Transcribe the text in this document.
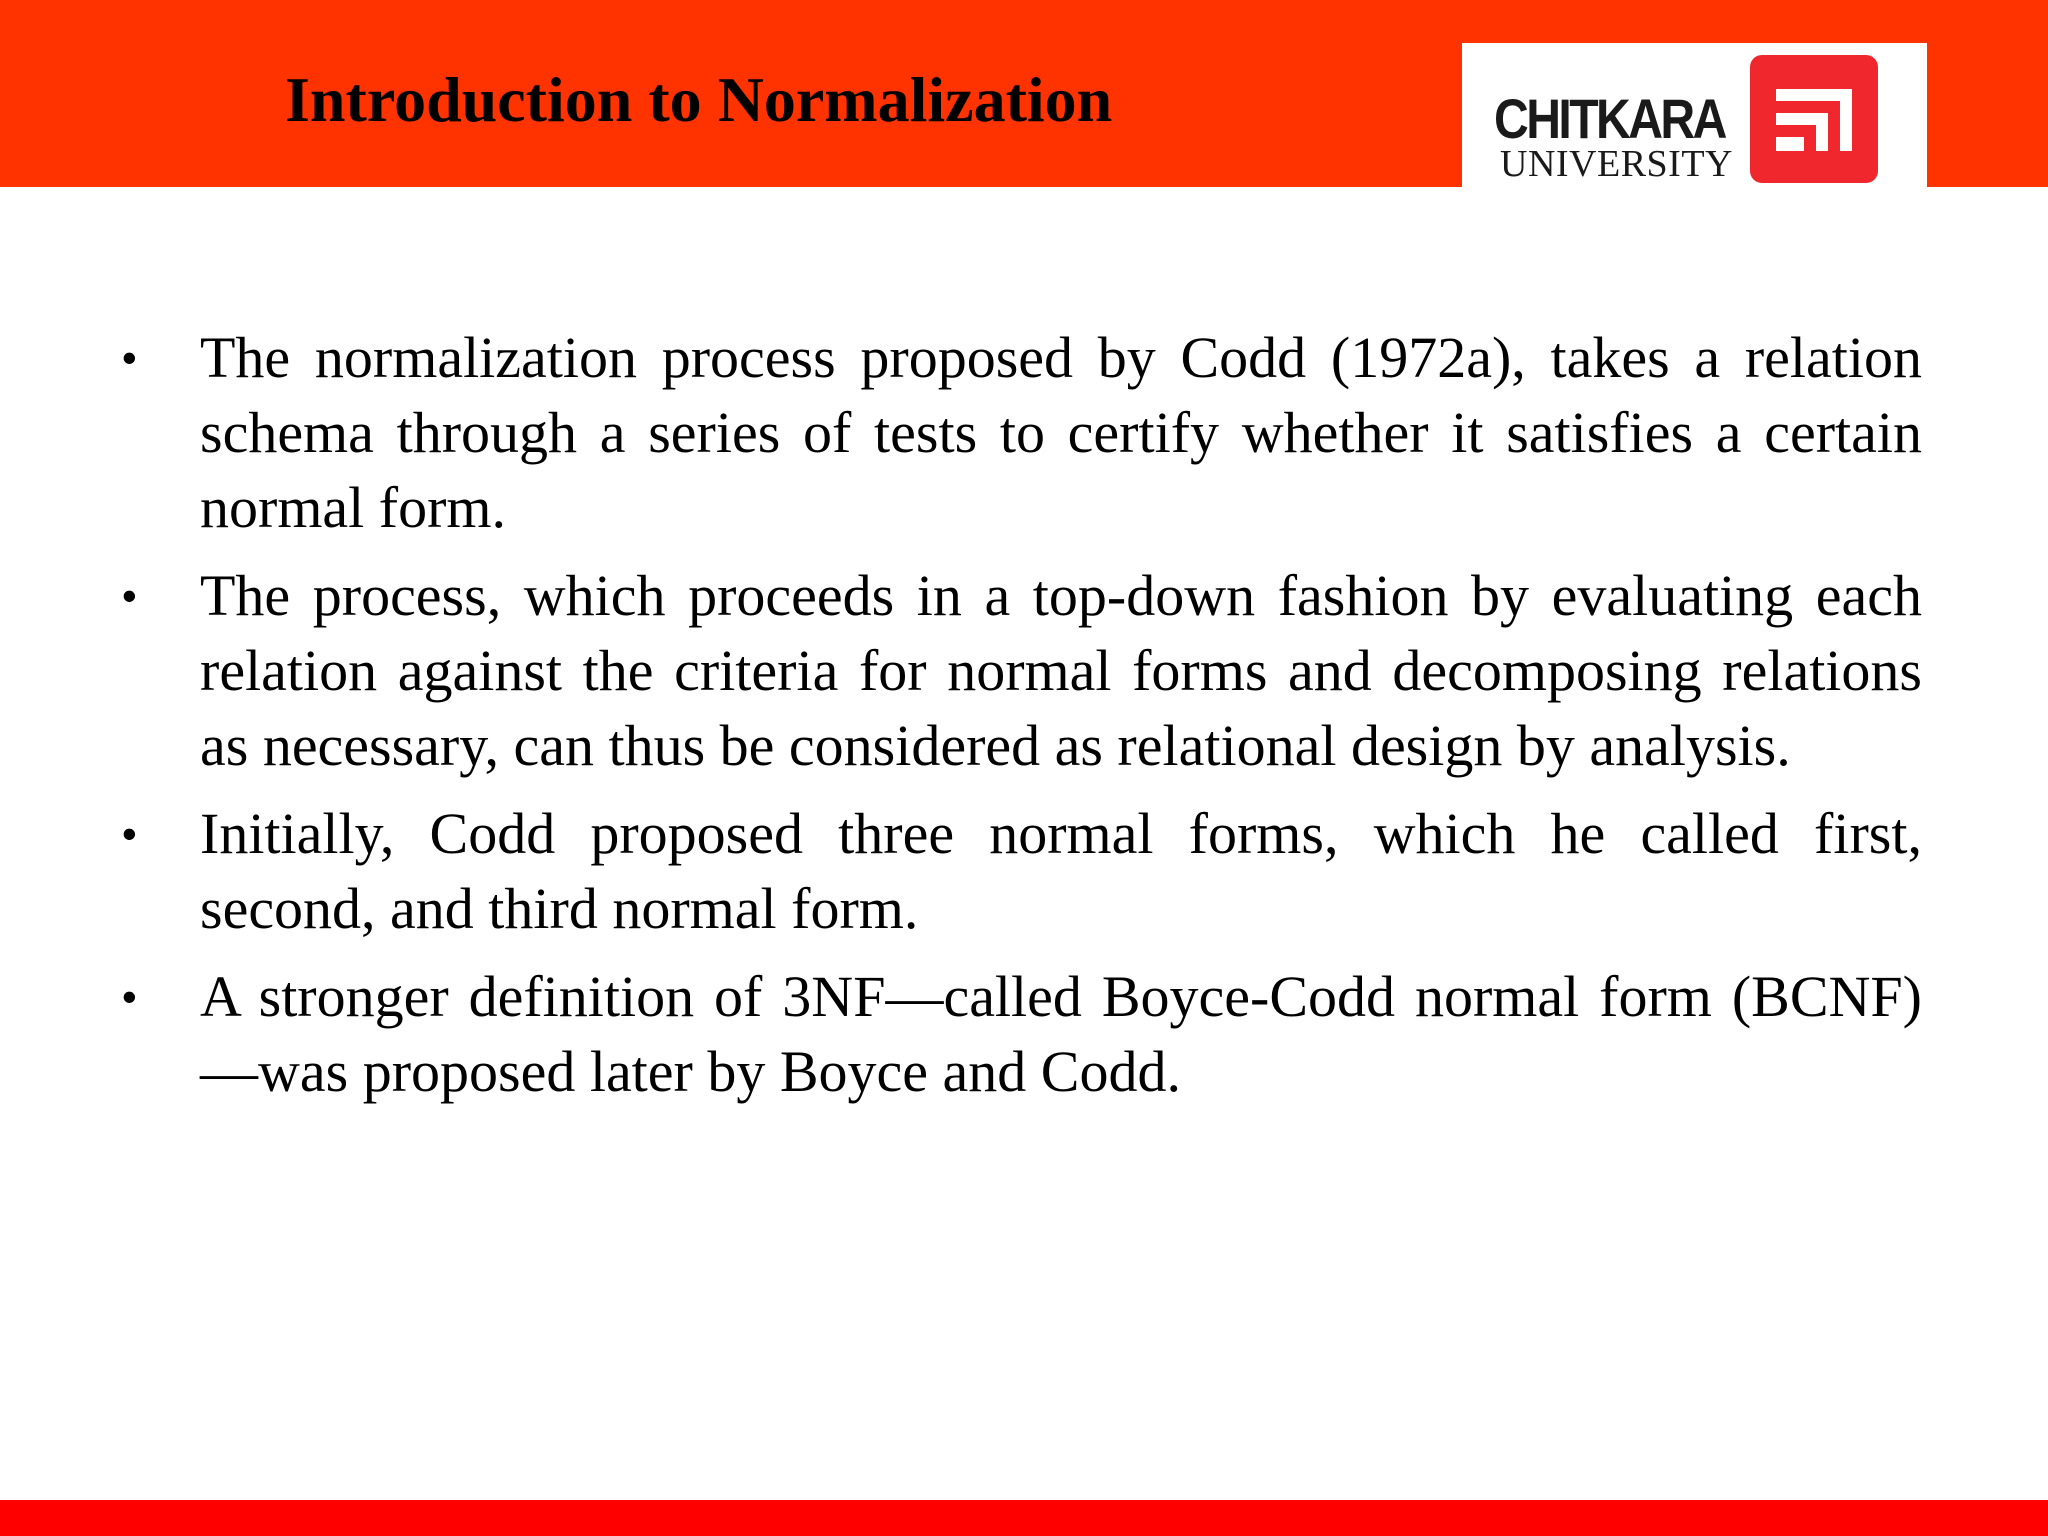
Introduction to Normalization	CHITKARA
UNIVERSITY
• The normalization process proposed by Codd (1972a), takes a relation schema through a series of tests to certify whether it satisfies a certain normal form.
• The process, which proceeds in a top-down fashion by evaluating each relation against the criteria for normal forms and decomposing relations as necessary, can thus be considered as relational design by analysis.
• Initially, Codd proposed three normal forms, which he called first, second, and third normal form.
• A stronger definition of 3NF—called Boyce-Codd normal form (BCNF)—was proposed later by Boyce and Codd.
